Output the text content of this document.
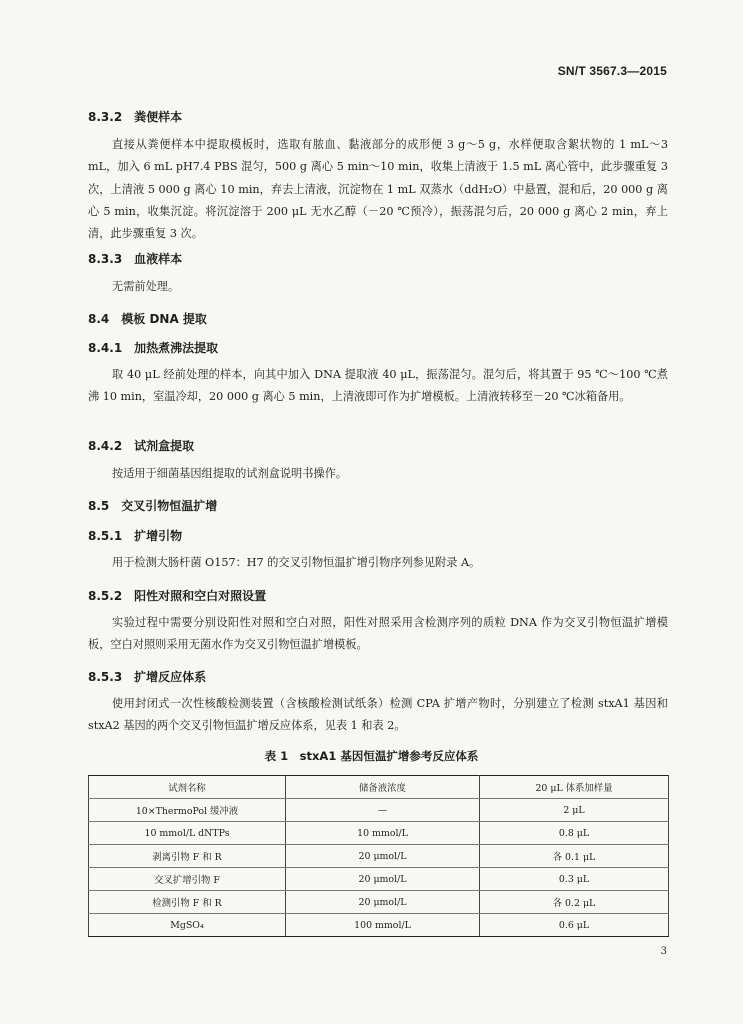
SN/T 3567.3—2015
8.3.2 粪便样本
直接从粪便样本中提取模板时，选取有脓血、黏液部分的成形便 3 g～5 g，水样便取含絮状物的 1 mL～3 mL，加入 6 mL pH7.4 PBS 混匀，500 g 离心 5 min～10 min，收集上清液于 1.5 mL 离心管中，此步骤重复 3 次，上清液 5 000 g 离心 10 min，弃去上清液，沉淀物在 1 mL 双蒸水（ddH₂O）中悬置，混和后，20 000 g 离心 5 min，收集沉淀。将沉淀溶于 200 μL 无水乙醇（－20 ℃预冷），振荡混匀后，20 000 g 离心 2 min，弃上清，此步骤重复 3 次。
8.3.3 血液样本
无需前处理。
8.4 模板 DNA 提取
8.4.1 加热煮沸法提取
取 40 μL 经前处理的样本，向其中加入 DNA 提取液 40 μL，振荡混匀。混匀后，将其置于 95 ℃～100 ℃煮沸 10 min，室温冷却，20 000 g 离心 5 min，上清液即可作为扩增模板。上清液转移至－20 ℃冰箱备用。
8.4.2 试剂盒提取
按适用于细菌基因组提取的试剂盒说明书操作。
8.5 交叉引物恒温扩增
8.5.1 扩增引物
用于检测大肠杆菌 O157：H7 的交叉引物恒温扩增引物序列参见附录 A。
8.5.2 阳性对照和空白对照设置
实验过程中需要分别设阳性对照和空白对照，阳性对照采用含检测序列的质粒 DNA 作为交叉引物恒温扩增模板，空白对照则采用无菌水作为交叉引物恒温扩增模板。
8.5.3 扩增反应体系
使用封闭式一次性核酸检测装置（含核酸检测试纸条）检测 CPA 扩增产物时，分别建立了检测 stxA1 基因和 stxA2 基因的两个交叉引物恒温扩增反应体系，见表 1 和表 2。
表 1　stxA1 基因恒温扩增参考反应体系
试剂名称	储备液浓度	20 μL 体系加样量
10×ThermoPol 缓冲液	—	2 μL
10 mmol/L dNTPs	10 mmol/L	0.8 μL
剥离引物 F 和 R	20 μmol/L	各 0.1 μL
交叉扩增引物 F	20 μmol/L	0.3 μL
检测引物 F 和 R	20 μmol/L	各 0.2 μL
MgSO₄	100 mmol/L	0.6 μL
3
